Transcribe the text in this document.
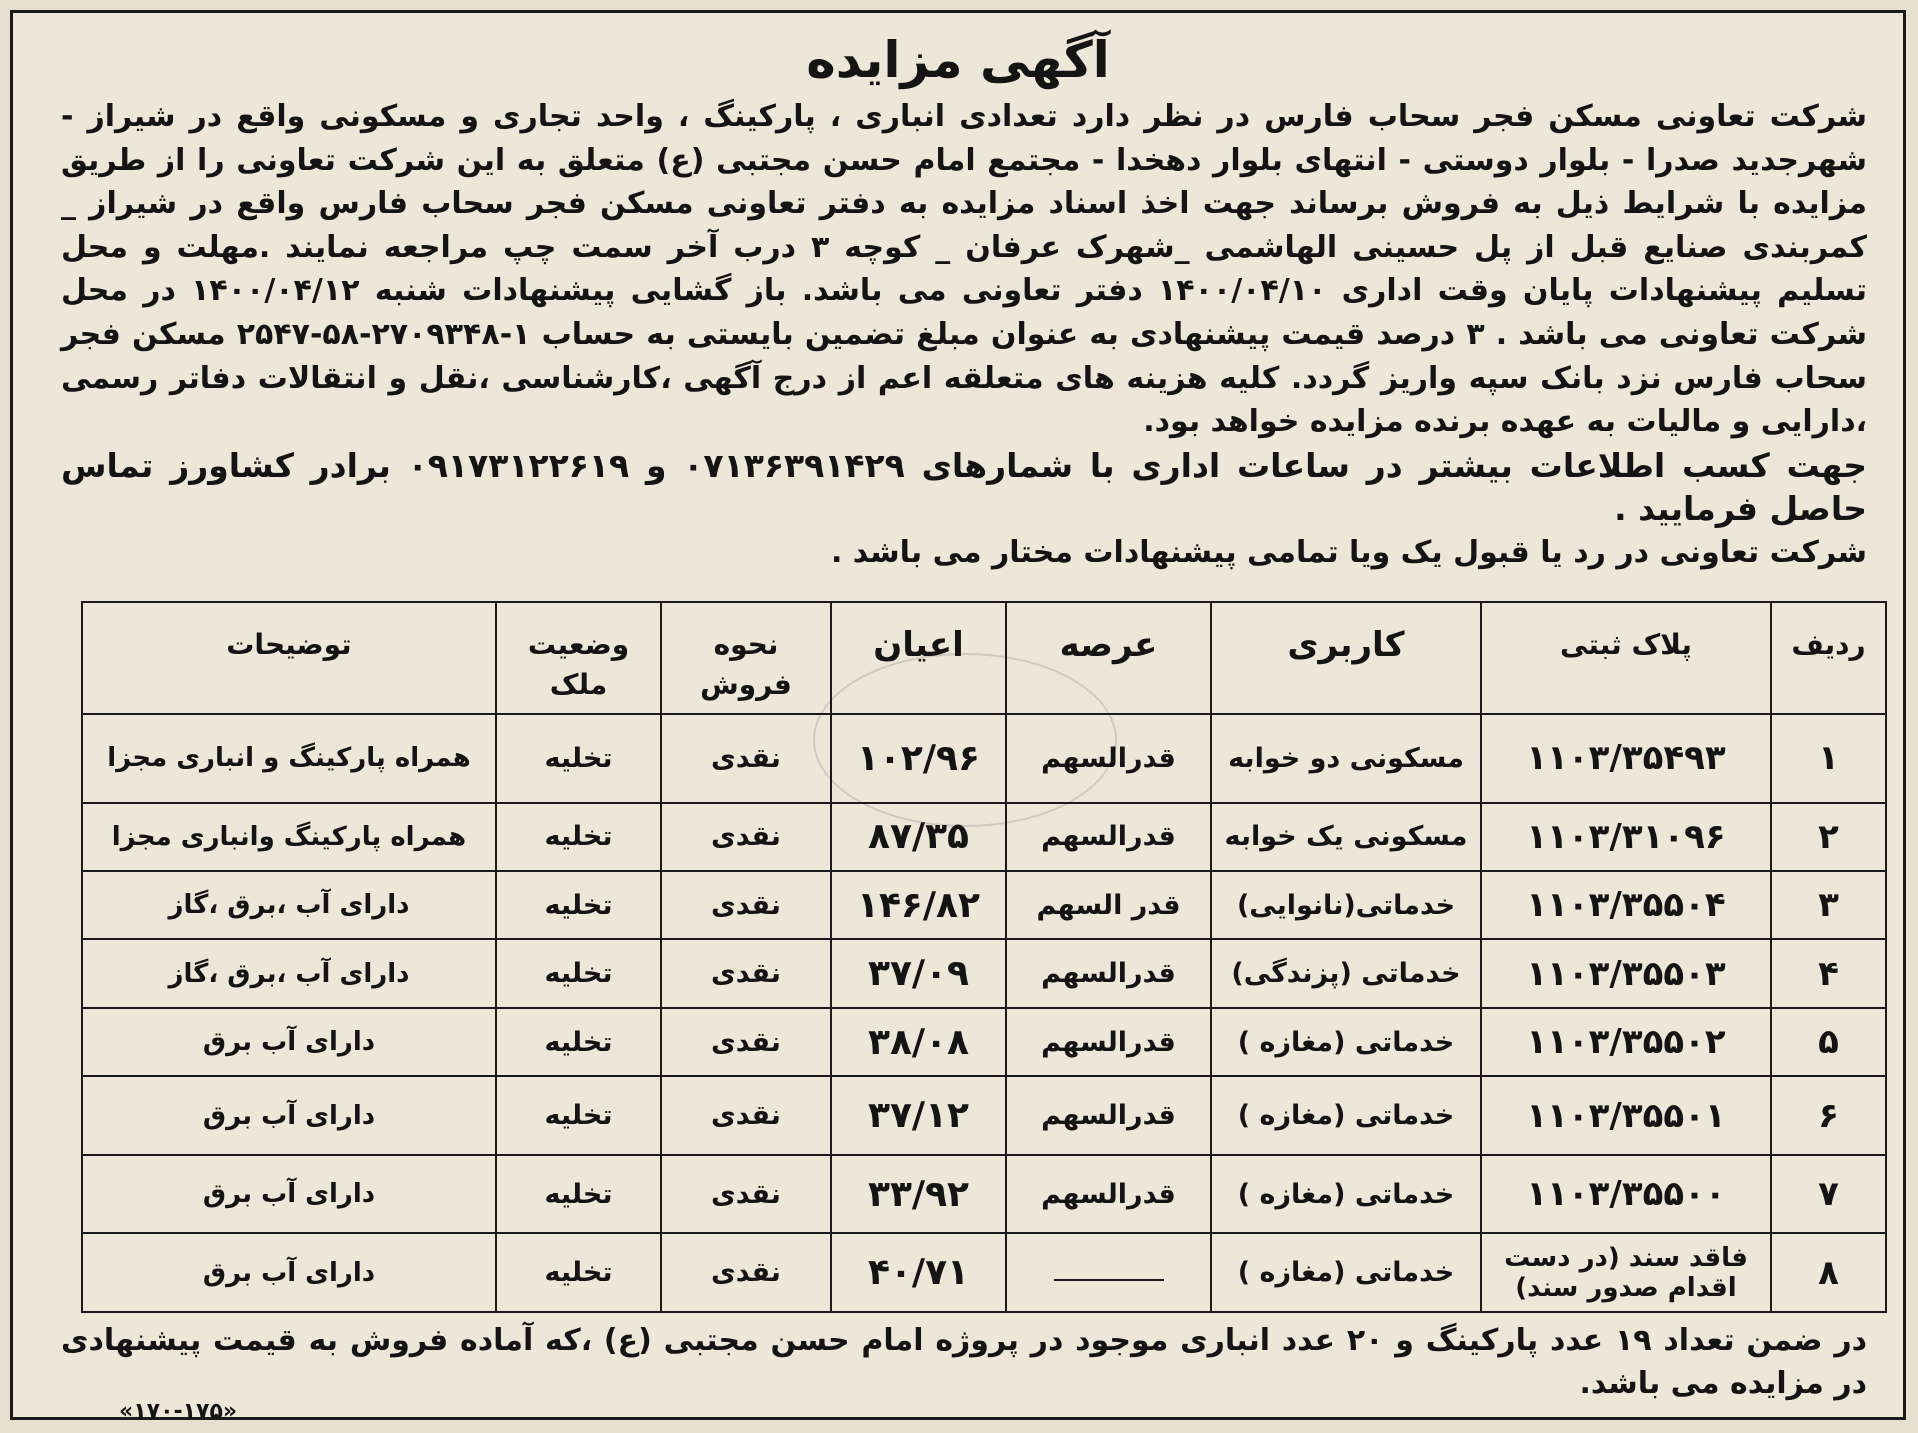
آگهی مزایده

شرکت تعاونی مسکن فجر سحاب فارس در نظر دارد تعدادی انباری ، پارکینگ ، واحد تجاری و مسکونی واقع در شیراز - شهرجدید صدرا - بلوار دوستی - انتهای بلوار دهخدا - مجتمع امام حسن مجتبی (ع) متعلق به این شرکت تعاونی را از طریق مزایده با شرایط ذیل به فروش برساند جهت اخذ اسناد مزایده به دفتر تعاونی مسکن فجر سحاب فارس واقع در شیراز _ کمربندی صنایع قبل از پل حسینی الهاشمی _شهرک عرفان _ کوچه ۳ درب آخر سمت چپ مراجعه نمایند .مهلت و محل تسلیم پیشنهادات پایان وقت اداری ۱۴۰۰/۰۴/۱۰ دفتر تعاونی می باشد. باز گشایی پیشنهادات شنبه ۱۴۰۰/۰۴/۱۲ در محل شرکت تعاونی می باشد . ۳ درصد قیمت پیشنهادی به عنوان مبلغ تضمین بایستی به حساب ۱-۲۷۰۹۳۴۸-۵۸-۲۵۴۷ مسکن فجر سحاب فارس نزد بانک سپه واریز گردد. کلیه هزینه های متعلقه اعم از درج آگهی ،کارشناسی ،نقل و انتقالات دفاتر رسمی ،دارایی و مالیات به عهده برنده مزایده خواهد بود.

جهت کسب اطلاعات بیشتر در ساعات اداری با شمارهای ۰۷۱۳۶۳۹۱۴۲۹ و ۰۹۱۷۳۱۲۲۶۱۹ برادر کشاورز تماس حاصل فرمایید .

شرکت تعاونی در رد یا قبول یک ویا تمامی پیشنهادات مختار می باشد .

ردیف	پلاک ثبتی	کاربری	عرصه	اعیان	نحوه فروش	وضعیت ملک	توضیحات
۱	۱۱۰۳/۳۵۴۹۳	مسکونی دو خوابه	قدرالسهم	۱۰۲/۹۶	نقدی	تخلیه	همراه پارکینگ و انباری مجزا
۲	۱۱۰۳/۳۱۰۹۶	مسکونی یک خوابه	قدرالسهم	۸۷/۳۵	نقدی	تخلیه	همراه پارکینگ وانباری مجزا
۳	۱۱۰۳/۳۵۵۰۴	خدماتی(نانوایی)	قدر السهم	۱۴۶/۸۲	نقدی	تخلیه	دارای آب ،برق ،گاز
۴	۱۱۰۳/۳۵۵۰۳	خدماتی (پزندگی)	قدرالسهم	۳۷/۰۹	نقدی	تخلیه	دارای آب ،برق ،گاز
۵	۱۱۰۳/۳۵۵۰۲	خدماتی (مغازه )	قدرالسهم	۳۸/۰۸	نقدی	تخلیه	دارای آب برق
۶	۱۱۰۳/۳۵۵۰۱	خدماتی (مغازه )	قدرالسهم	۳۷/۱۲	نقدی	تخلیه	دارای آب برق
۷	۱۱۰۳/۳۵۵۰۰	خدماتی (مغازه )	قدرالسهم	۳۳/۹۲	نقدی	تخلیه	دارای آب برق
۸	فاقد سند (در دست اقدام صدور سند)	خدماتی (مغازه )		۴۰/۷۱	نقدی	تخلیه	دارای آب برق
در ضمن تعداد ۱۹ عدد پارکینگ و ۲۰ عدد انباری موجود در پروژه امام حسن مجتبی (ع) ،که آماده فروش به قیمت پیشنهادی در مزایده می باشد.
«۱۷۰-۱۷۵»
